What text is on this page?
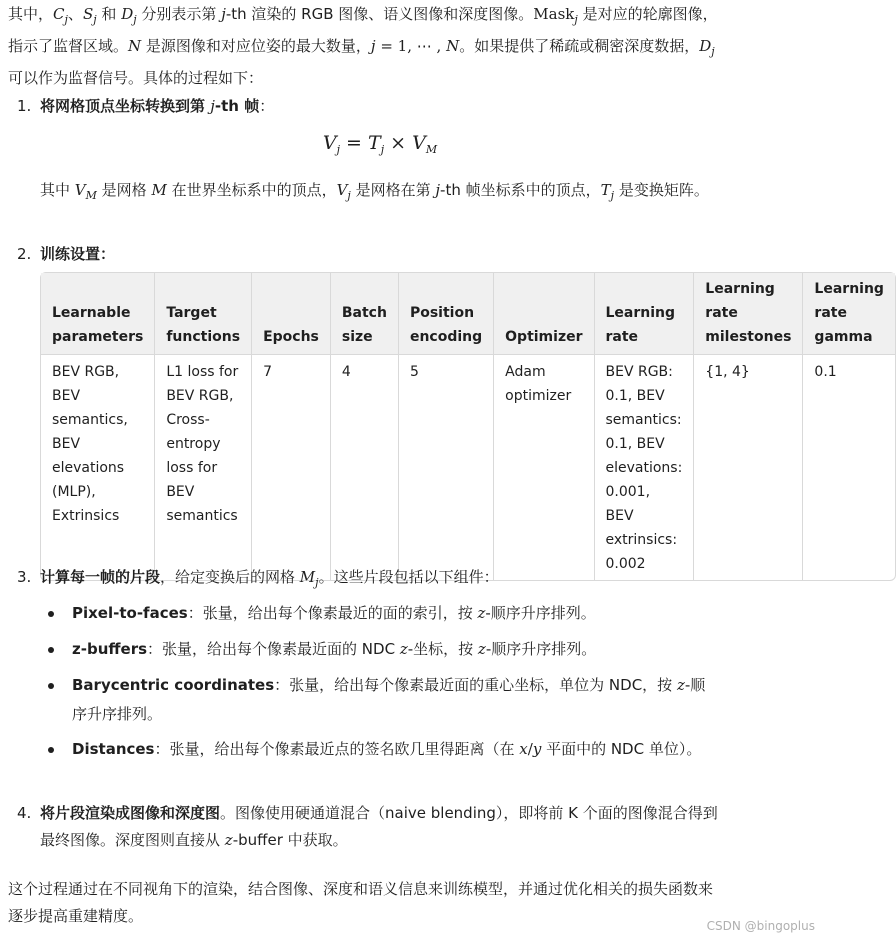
其中，$C_j$、$S_j$ 和 $D_j$ 分别表示第 j-th 渲染的 RGB 图像、语义图像和深度图像。Mask$_j$ 是对应的轮廓图像，指示了监督区域。N 是源图像和对应位姿的最大数量，j = 1, ⋯ , N。如果提供了稀疏或稠密深度数据，$D_j$ 可以作为监督信号。具体的过程如下：

1. 将网格顶点坐标转换到第 j-th 帧：

$V_j = T_j \times V_M$

其中 $V_M$ 是网格 M 在世界坐标系中的顶点，$V_j$ 是网格在第 j-th 帧坐标系中的顶点，$T_j$ 是变换矩阵。

2. 训练设置：

Learnable parameters	Target functions	Epochs	Batch size	Position encoding	Optimizer	Learning rate	Learning rate milestones	Learning rate gamma
BEV RGB, BEV semantics, BEV elevations (MLP), Extrinsics	L1 loss for BEV RGB, Cross-entropy loss for BEV semantics	7	4	5	Adam optimizer	BEV RGB: 0.1, BEV semantics: 0.1, BEV elevations: 0.001, BEV extrinsics: 0.002	{1, 4}	0.1
3. 计算每一帧的片段，给定变换后的网格 $M_j$。这些片段包括以下组件：

Pixel-to-faces：张量，给出每个像素最近的面的索引，按 z-顺序升序排列。

z-buffers：张量，给出每个像素最近面的 NDC z-坐标，按 z-顺序升序排列。

Barycentric coordinates：张量，给出每个像素最近面的重心坐标，单位为 NDC，按 z-顺序升序排列。

Distances：张量，给出每个像素最近点的签名欧几里得距离（在 x/y 平面中的 NDC 单位）。

4. 将片段渲染成图像和深度图。图像使用硬通道混合（naive blending），即将前 K 个面的图像混合得到最终图像。深度图则直接从 z-buffer 中获取。

这个过程通过在不同视角下的渲染，结合图像、深度和语义信息来训练模型，并通过优化相关的损失函数来逐步提高重建精度。

CSDN @bingoplus
